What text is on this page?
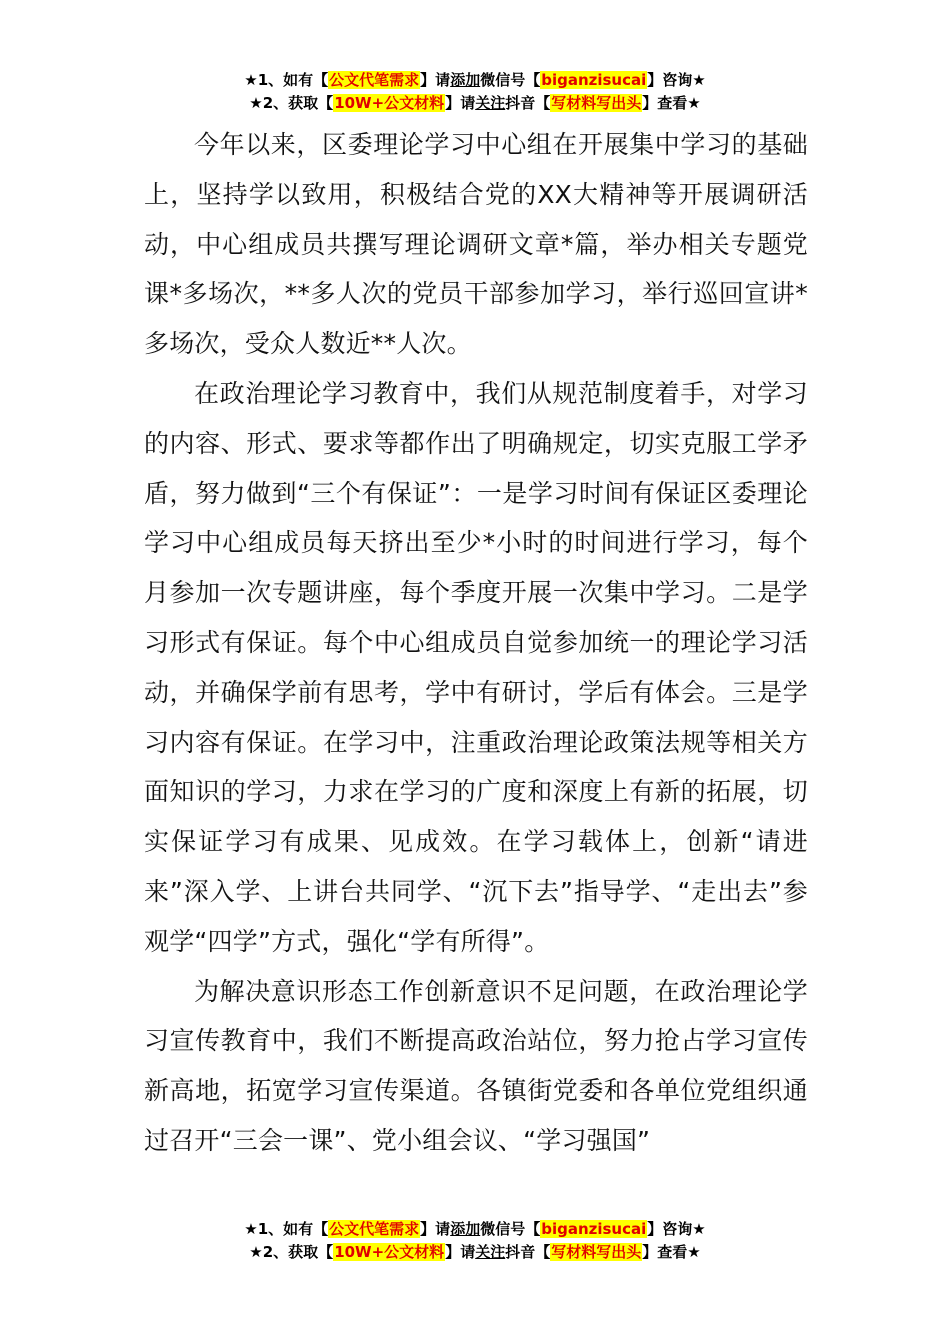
★1、如有【公文代笔需求】请添加微信号【biganzisucai】咨询★
★2、获取【10W+公文材料】请关注抖音【写材料写出头】查看★

今年以来，区委理论学习中心组在开展集中学习的基础上，坚持学以致用，积极结合党的XX大精神等开展调研活动，中心组成员共撰写理论调研文章*篇，举办相关专题党课*多场次，**多人次的党员干部参加学习，举行巡回宣讲*多场次，受众人数近**人次。

在政治理论学习教育中，我们从规范制度着手，对学习的内容、形式、要求等都作出了明确规定，切实克服工学矛盾，努力做到“三个有保证”：一是学习时间有保证区委理论学习中心组成员每天挤出至少*小时的时间进行学习，每个月参加一次专题讲座，每个季度开展一次集中学习。二是学习形式有保证。每个中心组成员自觉参加统一的理论学习活动，并确保学前有思考，学中有研讨，学后有体会。三是学习内容有保证。在学习中，注重政治理论政策法规等相关方面知识的学习，力求在学习的广度和深度上有新的拓展，切实保证学习有成果、见成效。在学习载体上，创新“请进来”深入学、上讲台共同学、“沉下去”指导学、“走出去”参观学“四学”方式，强化“学有所得”。

为解决意识形态工作创新意识不足问题，在政治理论学习宣传教育中，我们不断提高政治站位，努力抢占学习宣传新高地，拓宽学习宣传渠道。各镇街党委和各单位党组织通过召开“三会一课”、党小组会议、“学习强国”

★1、如有【公文代笔需求】请添加微信号【biganzisucai】咨询★
★2、获取【10W+公文材料】请关注抖音【写材料写出头】查看★
